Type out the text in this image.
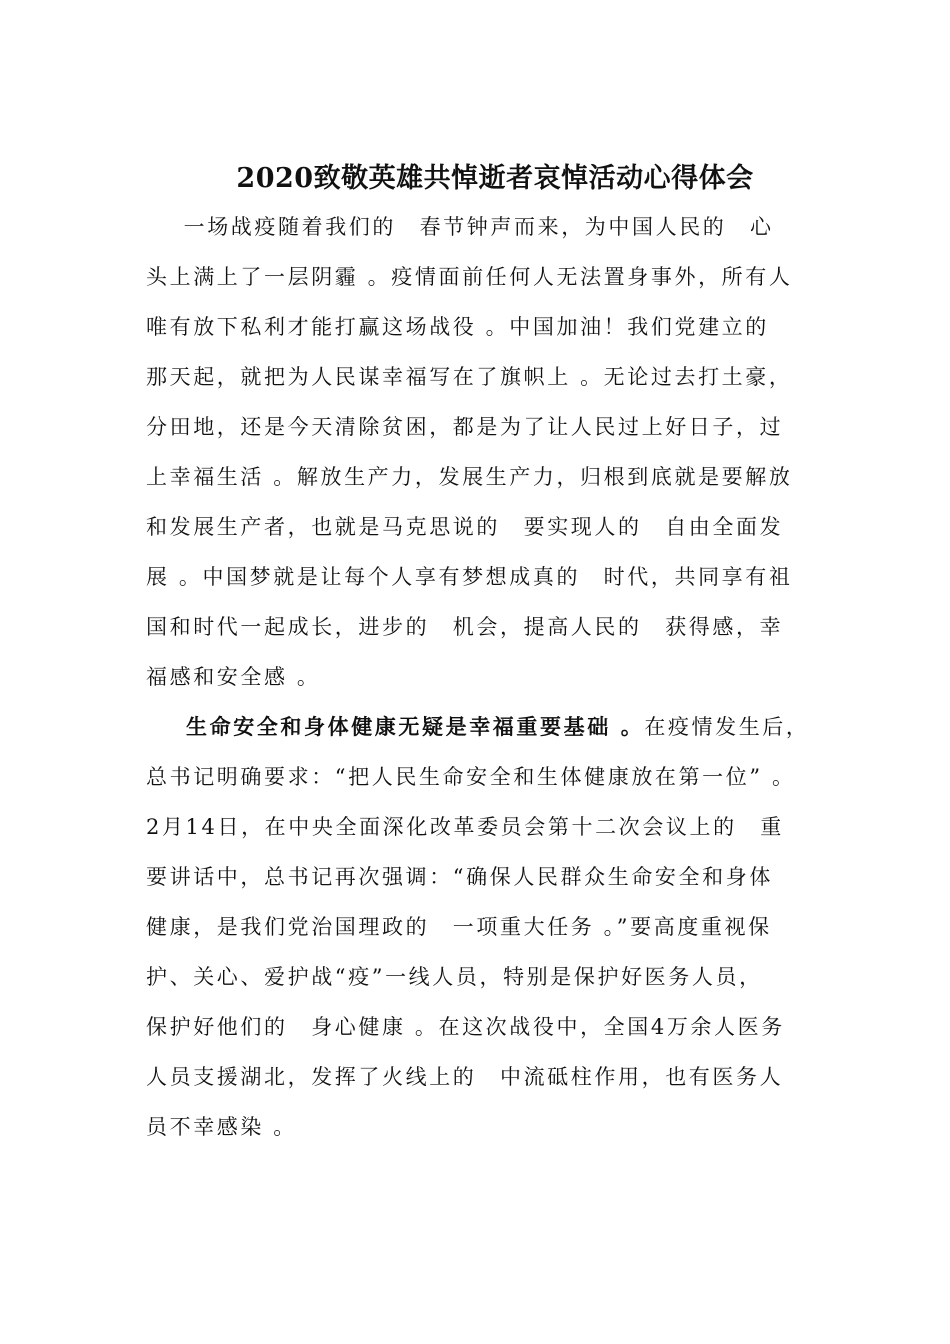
2020致敬英雄共悼逝者哀悼活动心得体会
　一场战疫随着我们的　春节钟声而来，为中国人民的　心
头上满上了一层阴霾 。疫情面前任何人无法置身事外，所有人
唯有放下私利才能打赢这场战役 。中国加油！我们党建立的
那天起，就把为人民谋幸福写在了旗帜上 。无论过去打土豪，
分田地，还是今天清除贫困，都是为了让人民过上好日子，过
上幸福生活 。解放生产力，发展生产力，归根到底就是要解放
和发展生产者，也就是马克思说的　要实现人的　自由全面发
展 。中国梦就是让每个人享有梦想成真的　时代，共同享有祖
国和时代一起成长，进步的　机会，提高人民的　获得感，幸
福感和安全感 。
生命安全和身体健康无疑是幸福重要基础 。在疫情发生后，
总书记明确要求：“把人民生命安全和生体健康放在第一位” 。
2月14日，在中央全面深化改革委员会第十二次会议上的　重
要讲话中，总书记再次强调：“确保人民群众生命安全和身体
健康，是我们党治国理政的　一项重大任务 。”要高度重视保
护、关心、爱护战“疫”一线人员，特别是保护好医务人员，
保护好他们的　身心健康 。在这次战役中，全国4万余人医务
人员支援湖北，发挥了火线上的　中流砥柱作用，也有医务人
员不幸感染 。
